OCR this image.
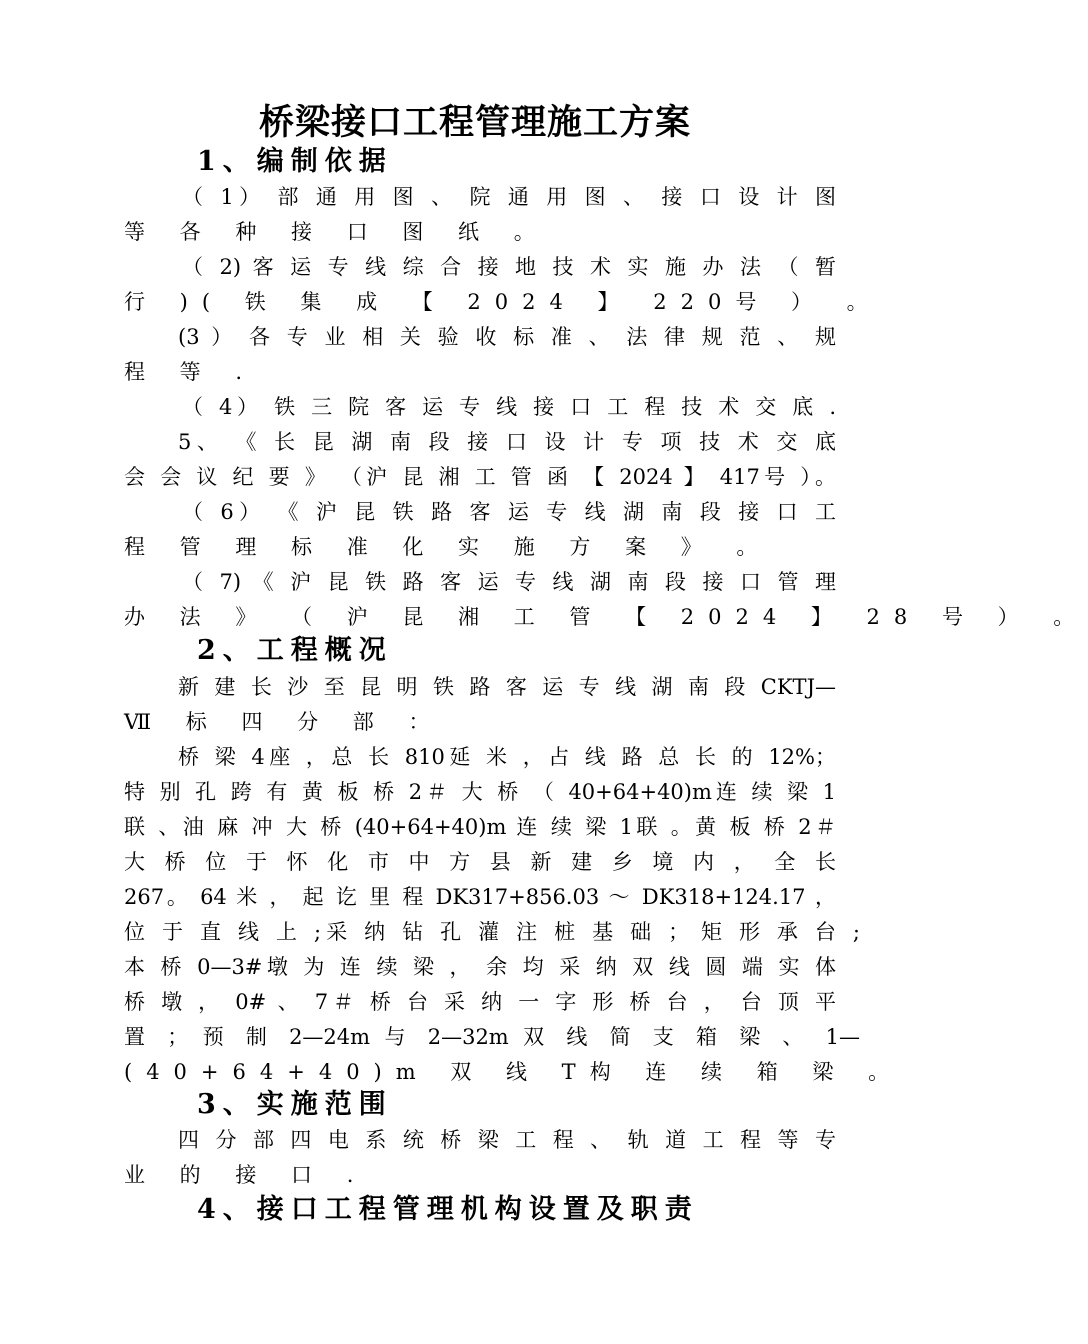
桥梁接口工程管理施工方案
1、编制依据
（ 1） 部 通 用 图 、 院 通 用 图 、 接 口 设 计 图
等 各 种 接 口 图 纸 。
（ 2) 客 运 专 线 综 合 接 地 技 术 实 施 办 法 （ 暂
行 )( 铁 集 成 【 2024 】 220号 ） 。
(3 ） 各 专 业 相 关 验 收 标 准 、 法 律 规 范 、 规
程 等 .
（ 4） 铁 三 院 客 运 专 线 接 口 工 程 技 术 交 底 .
5、 《 长 昆 湖 南 段 接 口 设 计 专 项 技 术 交 底
会 会 议 纪 要 》 （沪 昆 湘 工 管 函 【 2024 】 417号 ）。
（ 6） 《 沪 昆 铁 路 客 运 专 线 湖 南 段 接 口 工
程 管 理 标 准 化 实 施 方 案 》 。
（ 7) 《 沪 昆 铁 路 客 运 专 线 湖 南 段 接 口 管 理
办 法 》 （ 沪 昆 湘 工 管 【 2024 】 28 号 ） 。
2、工程概况
新 建 长 沙 至 昆 明 铁 路 客 运 专 线 湖 南 段 CKTJ—
Ⅶ 标 四 分 部 ：
桥 梁 4座 ，总 长 810延 米 ，占 线 路 总 长 的 12%；
特 别 孔 跨 有 黄 板 桥 2＃ 大 桥 （ 40+64+40)m连 续 梁 1
联 、油 麻 冲 大 桥 (40+64+40)m 连 续 梁 1联 。黄 板 桥 2＃
大 桥 位 于 怀 化 市 中 方 县 新 建 乡 境 内 ， 全 长
267。 64 米 ， 起 讫 里 程 DK317+856.03 ～ DK318+124.17 ，
位 于 直 线 上 ;采 纳 钻 孔 灌 注 桩 基 础 ； 矩 形 承 台 ;
本 桥 0—3#墩 为 连 续 梁 ， 余 均 采 纳 双 线 圆 端 实 体
桥 墩 ， 0# 、 7＃ 桥 台 采 纳 一 字 形 桥 台 ， 台 顶 平
置 ； 预 制 2—24m 与 2—32m 双 线 简 支 箱 梁 、 1—
(40+64+40)m 双 线 T构 连 续 箱 梁 。
3、实施范围
四 分 部 四 电 系 统 桥 梁 工 程 、 轨 道 工 程 等 专
业 的 接 口 .
4、接口工程管理机构设置及职责
